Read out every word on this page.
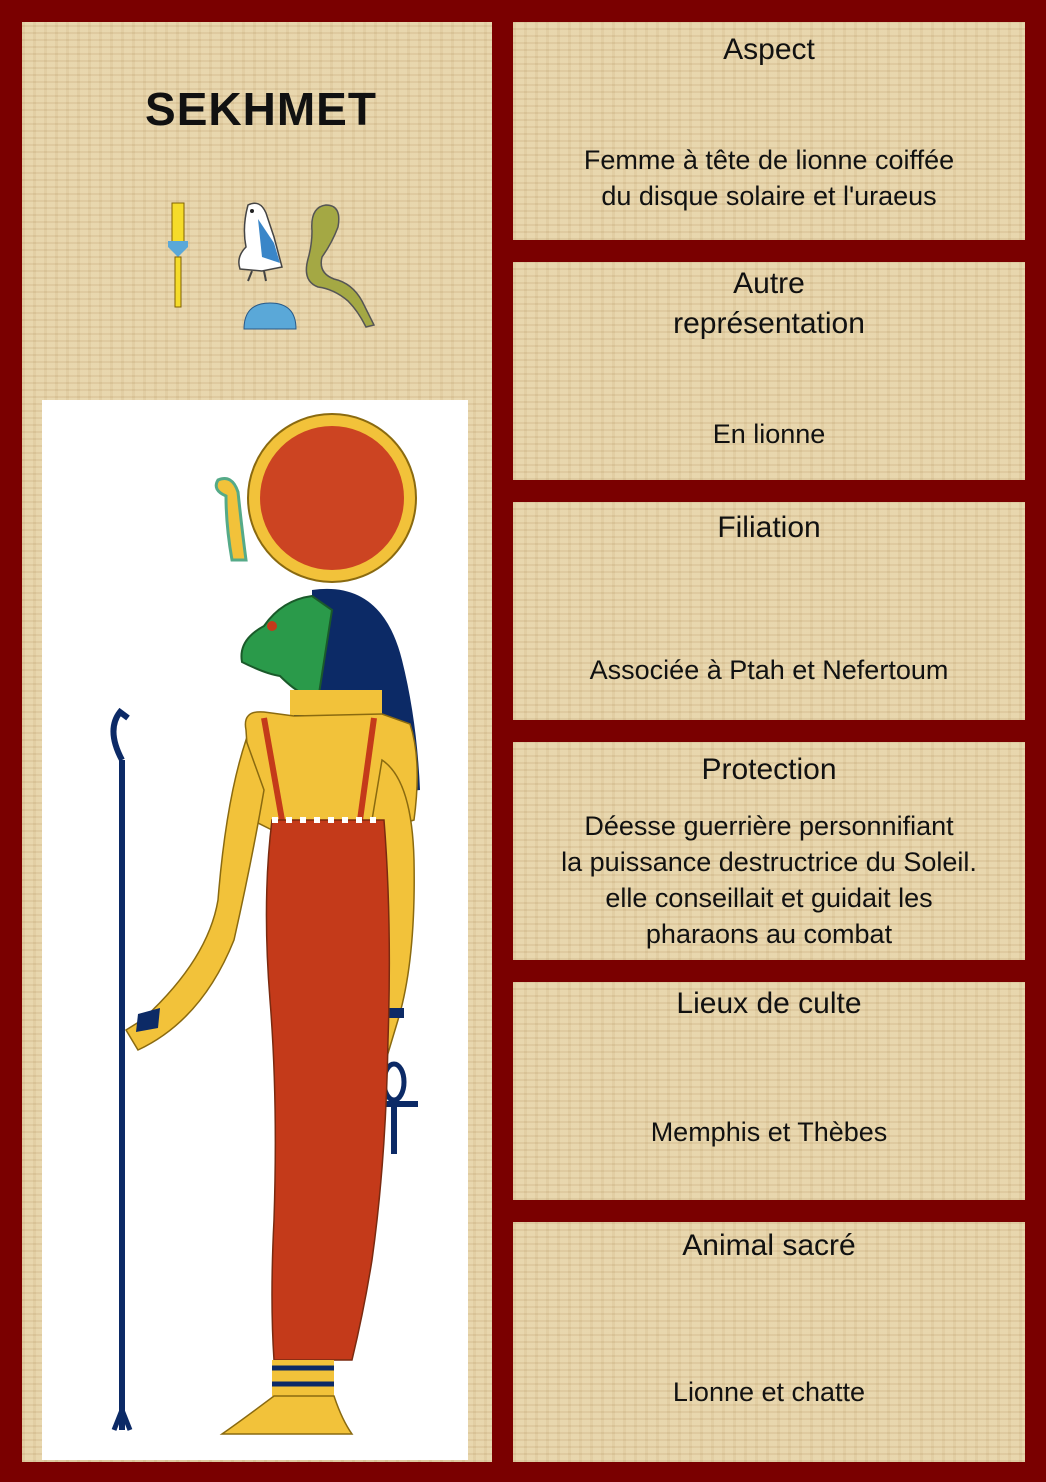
SEKHMET
Aspect
Femme à tête de lionne coiffée
du disque solaire et l'uraeus
Autre
représentation
En lionne
Filiation
Associée à Ptah et Nefertoum
Protection
Déesse guerrière personnifiant
la puissance destructrice du Soleil.
elle conseillait et guidait les
pharaons au combat
Lieux de culte
Memphis et Thèbes
Animal sacré
Lionne et chatte
